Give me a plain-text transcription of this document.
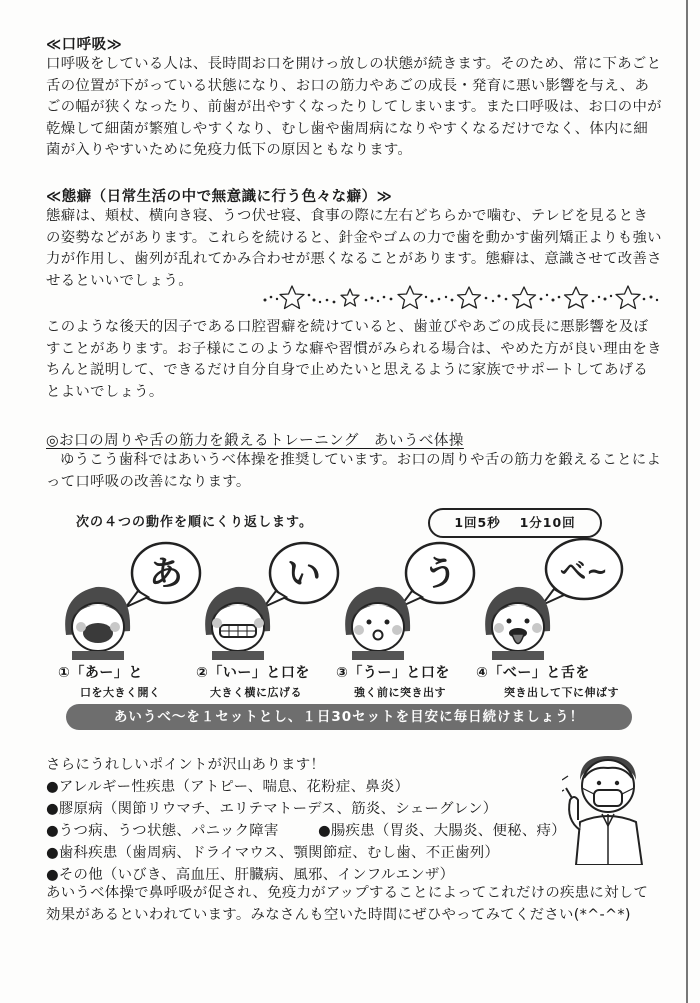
≪口呼吸≫

口呼吸をしている人は、長時間お口を開けっ放しの状態が続きます。そのため、常に下あごと舌の位置が下がっている状態になり、お口の筋力やあごの成長・発育に悪い影響を与え、あごの幅が狭くなったり、前歯が出やすくなったりしてしまいます。また口呼吸は、お口の中が乾燥して細菌が繁殖しやすくなり、むし歯や歯周病になりやすくなるだけでなく、体内に細菌が入りやすいために免疫力低下の原因ともなります。

≪態癖（日常生活の中で無意識に行う色々な癖）≫

態癖は、頬杖、横向き寝、うつ伏せ寝、食事の際に左右どちらかで噛む、テレビを見るときの姿勢などがあります。これらを続けると、針金やゴムの力で歯を動かす歯列矯正よりも強い力が作用し、歯列が乱れてかみ合わせが悪くなることがあります。態癖は、意識させて改善させるといいでしょう。

このような後天的因子である口腔習癖を続けていると、歯並びやあごの成長に悪影響を及ぼすことがあります。お子様にこのような癖や習慣がみられる場合は、やめた方が良い理由をきちんと説明して、できるだけ自分自身で止めたいと思えるように家族でサポートしてあげるとよいでしょう。

◎お口の周りや舌の筋力を鍛えるトレーニング　あいうべ体操

ゆうこう歯科ではあいうべ体操を推奨しています。お口の周りや舌の筋力を鍛えることによって口呼吸の改善になります。

次の４つの動作を順にくり返します。	1回5秒　 1分10回
あ	い	う	べ~
①「あー」と
口を大きく開く
②「いー」と口を
大きく横に広げる
③「うー」と口を
強く前に突き出す
④「べー」と舌を
突き出して下に伸ばす
あいうべ～を１セットとし、１日30セットを目安に毎日続けましょう！
さらにうれしいポイントが沢山あります！
●アレルギー性疾患（アトピー、喘息、花粉症、鼻炎）
●膠原病（関節リウマチ、エリテマトーデス、筋炎、シェーグレン）
●うつ病、うつ状態、パニック障害	●腸疾患（胃炎、大腸炎、便秘、痔）
●歯科疾患（歯周病、ドライマウス、顎関節症、むし歯、不正歯列）
●その他（いびき、高血圧、肝臓病、風邪、インフルエンザ）

あいうべ体操で鼻呼吸が促され、免疫力がアップすることによってこれだけの疾患に対して効果があるといわれています。みなさんも空いた時間にぜひやってみてください(*^-^*)
